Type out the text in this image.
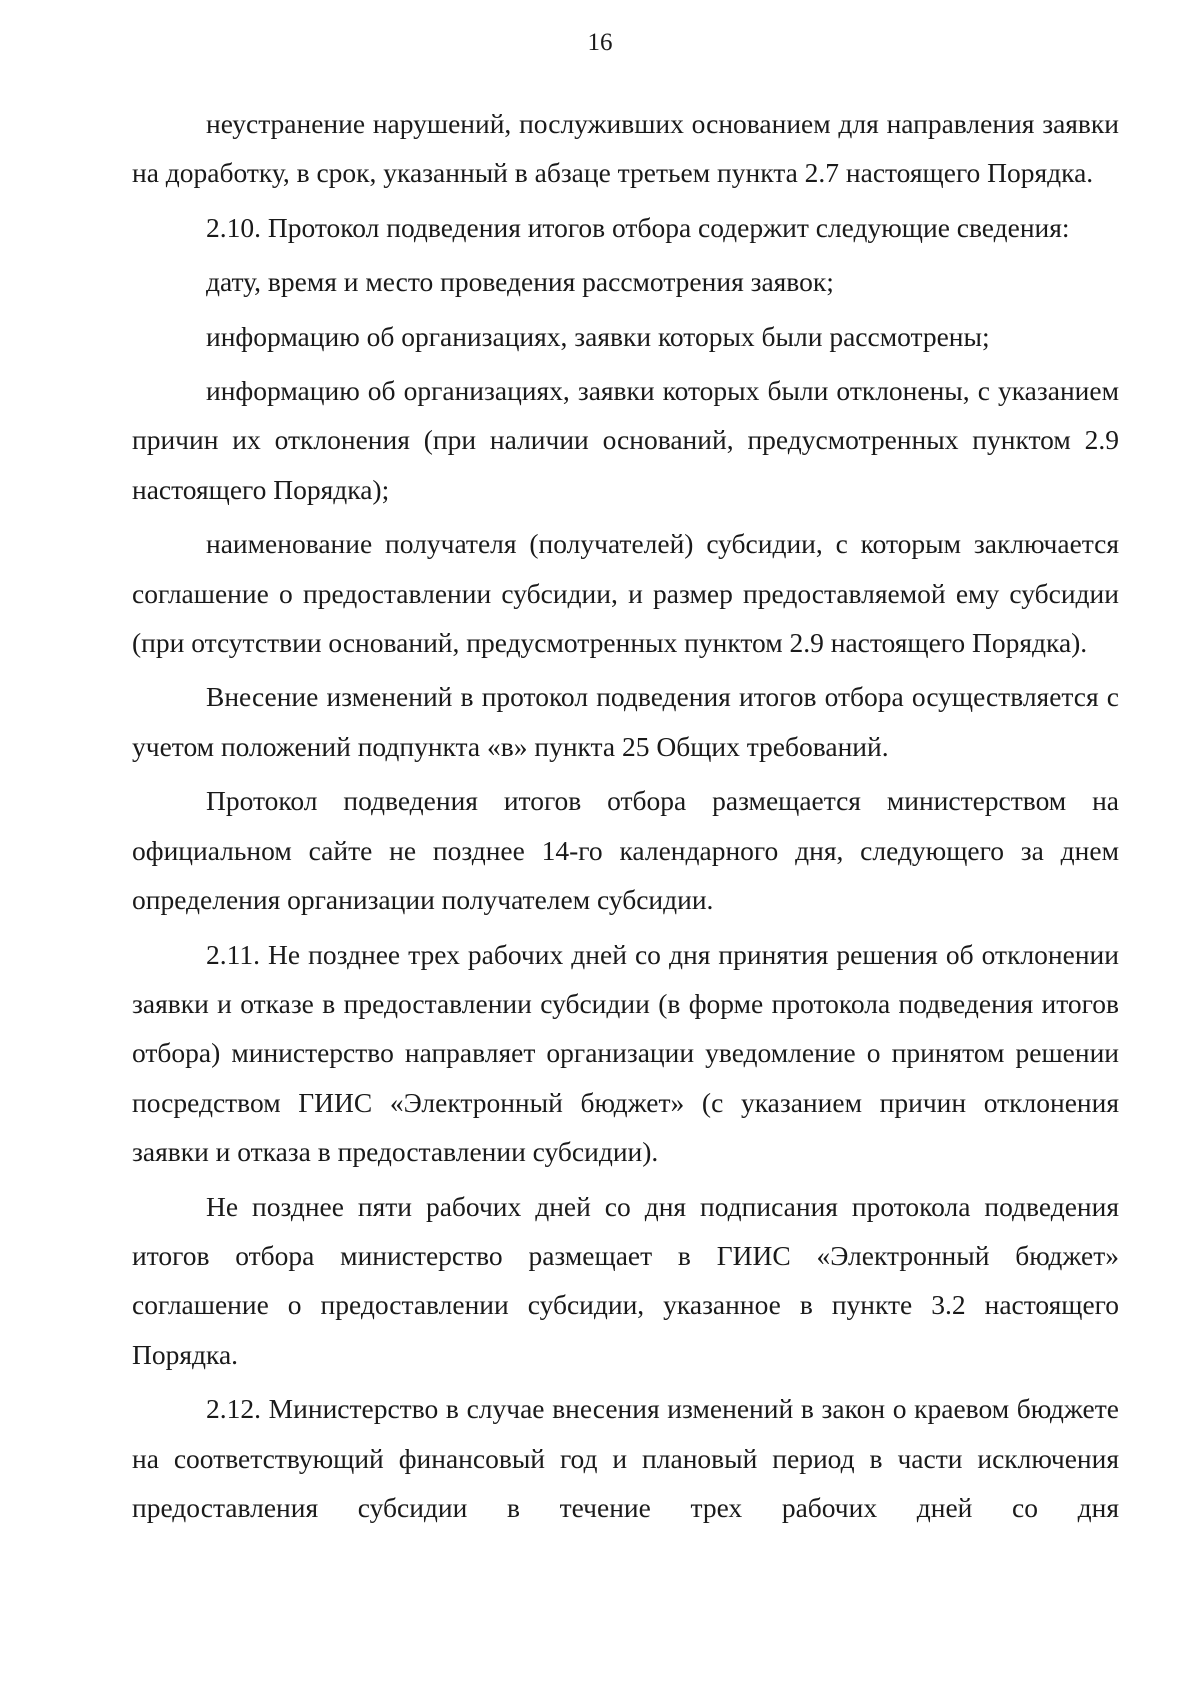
16

неустранение нарушений, послуживших основанием для направления заявки на доработку, в срок, указанный в абзаце третьем пункта 2.7 настоящего Порядка.

2.10. Протокол подведения итогов отбора содержит следующие сведения:

дату, время и место проведения рассмотрения заявок;

информацию об организациях, заявки которых были рассмотрены;

информацию об организациях, заявки которых были отклонены, с указанием причин их отклонения (при наличии оснований, предусмотренных пунктом 2.9 настоящего Порядка);

наименование получателя (получателей) субсидии, с которым заключается соглашение о предоставлении субсидии, и размер предоставляемой ему субсидии (при отсутствии оснований, предусмотренных пунктом 2.9 настоящего Порядка).

Внесение изменений в протокол подведения итогов отбора осуществляется с учетом положений подпункта «в» пункта 25 Общих требований.

Протокол подведения итогов отбора размещается министерством на официальном сайте не позднее 14-го календарного дня, следующего за днем определения организации получателем субсидии.

2.11. Не позднее трех рабочих дней со дня принятия решения об отклонении заявки и отказе в предоставлении субсидии (в форме протокола подведения итогов отбора) министерство направляет организации уведомление о принятом решении посредством ГИИС «Электронный бюджет» (с указанием причин отклонения заявки и отказа в предоставлении субсидии).

Не позднее пяти рабочих дней со дня подписания протокола подведения итогов отбора министерство размещает в ГИИС «Электронный бюджет» соглашение о предоставлении субсидии, указанное в пункте 3.2 настоящего Порядка.

2.12. Министерство в случае внесения изменений в закон о краевом бюджете на соответствующий финансовый год и плановый период в части исключения предоставления субсидии в течение трех рабочих дней со дня
